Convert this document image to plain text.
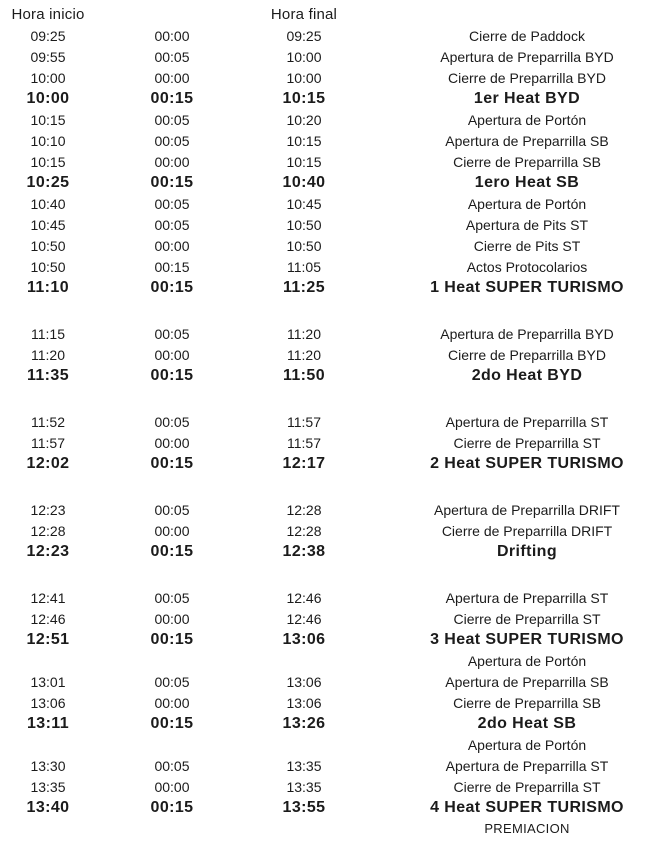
Hora inicio	Hora final
09:25	00:00	09:25	Cierre de Paddock
09:55	00:05	10:00	Apertura de Preparrilla BYD
10:00	00:00	10:00	Cierre de Preparrilla BYD
10:00	00:15	10:15	1er Heat BYD
10:15	00:05	10:20	Apertura de Portón
10:10	00:05	10:15	Apertura de Preparrilla SB
10:15	00:00	10:15	Cierre de Preparrilla SB
10:25	00:15	10:40	1ero Heat SB
10:40	00:05	10:45	Apertura de Portón
10:45	00:05	10:50	Apertura de Pits ST
10:50	00:00	10:50	Cierre de Pits ST
10:50	00:15	11:05	Actos Protocolarios
11:10	00:15	11:25	1 Heat SUPER TURISMO
11:15	00:05	11:20	Apertura de Preparrilla BYD
11:20	00:00	11:20	Cierre de Preparrilla BYD
11:35	00:15	11:50	2do Heat BYD
11:52	00:05	11:57	Apertura de Preparrilla ST
11:57	00:00	11:57	Cierre de Preparrilla ST
12:02	00:15	12:17	2 Heat SUPER TURISMO
12:23	00:05	12:28	Apertura de Preparrilla DRIFT
12:28	00:00	12:28	Cierre de Preparrilla DRIFT
12:23	00:15	12:38	Drifting
12:41	00:05	12:46	Apertura de Preparrilla ST
12:46	00:00	12:46	Cierre de Preparrilla ST
12:51	00:15	13:06	3 Heat SUPER TURISMO
Apertura de Portón
13:01	00:05	13:06	Apertura de Preparrilla SB
13:06	00:00	13:06	Cierre de Preparrilla SB
13:11	00:15	13:26	2do Heat SB
Apertura de Portón
13:30	00:05	13:35	Apertura de Preparrilla ST
13:35	00:00	13:35	Cierre de Preparrilla ST
13:40	00:15	13:55	4 Heat SUPER TURISMO
PREMIACION
